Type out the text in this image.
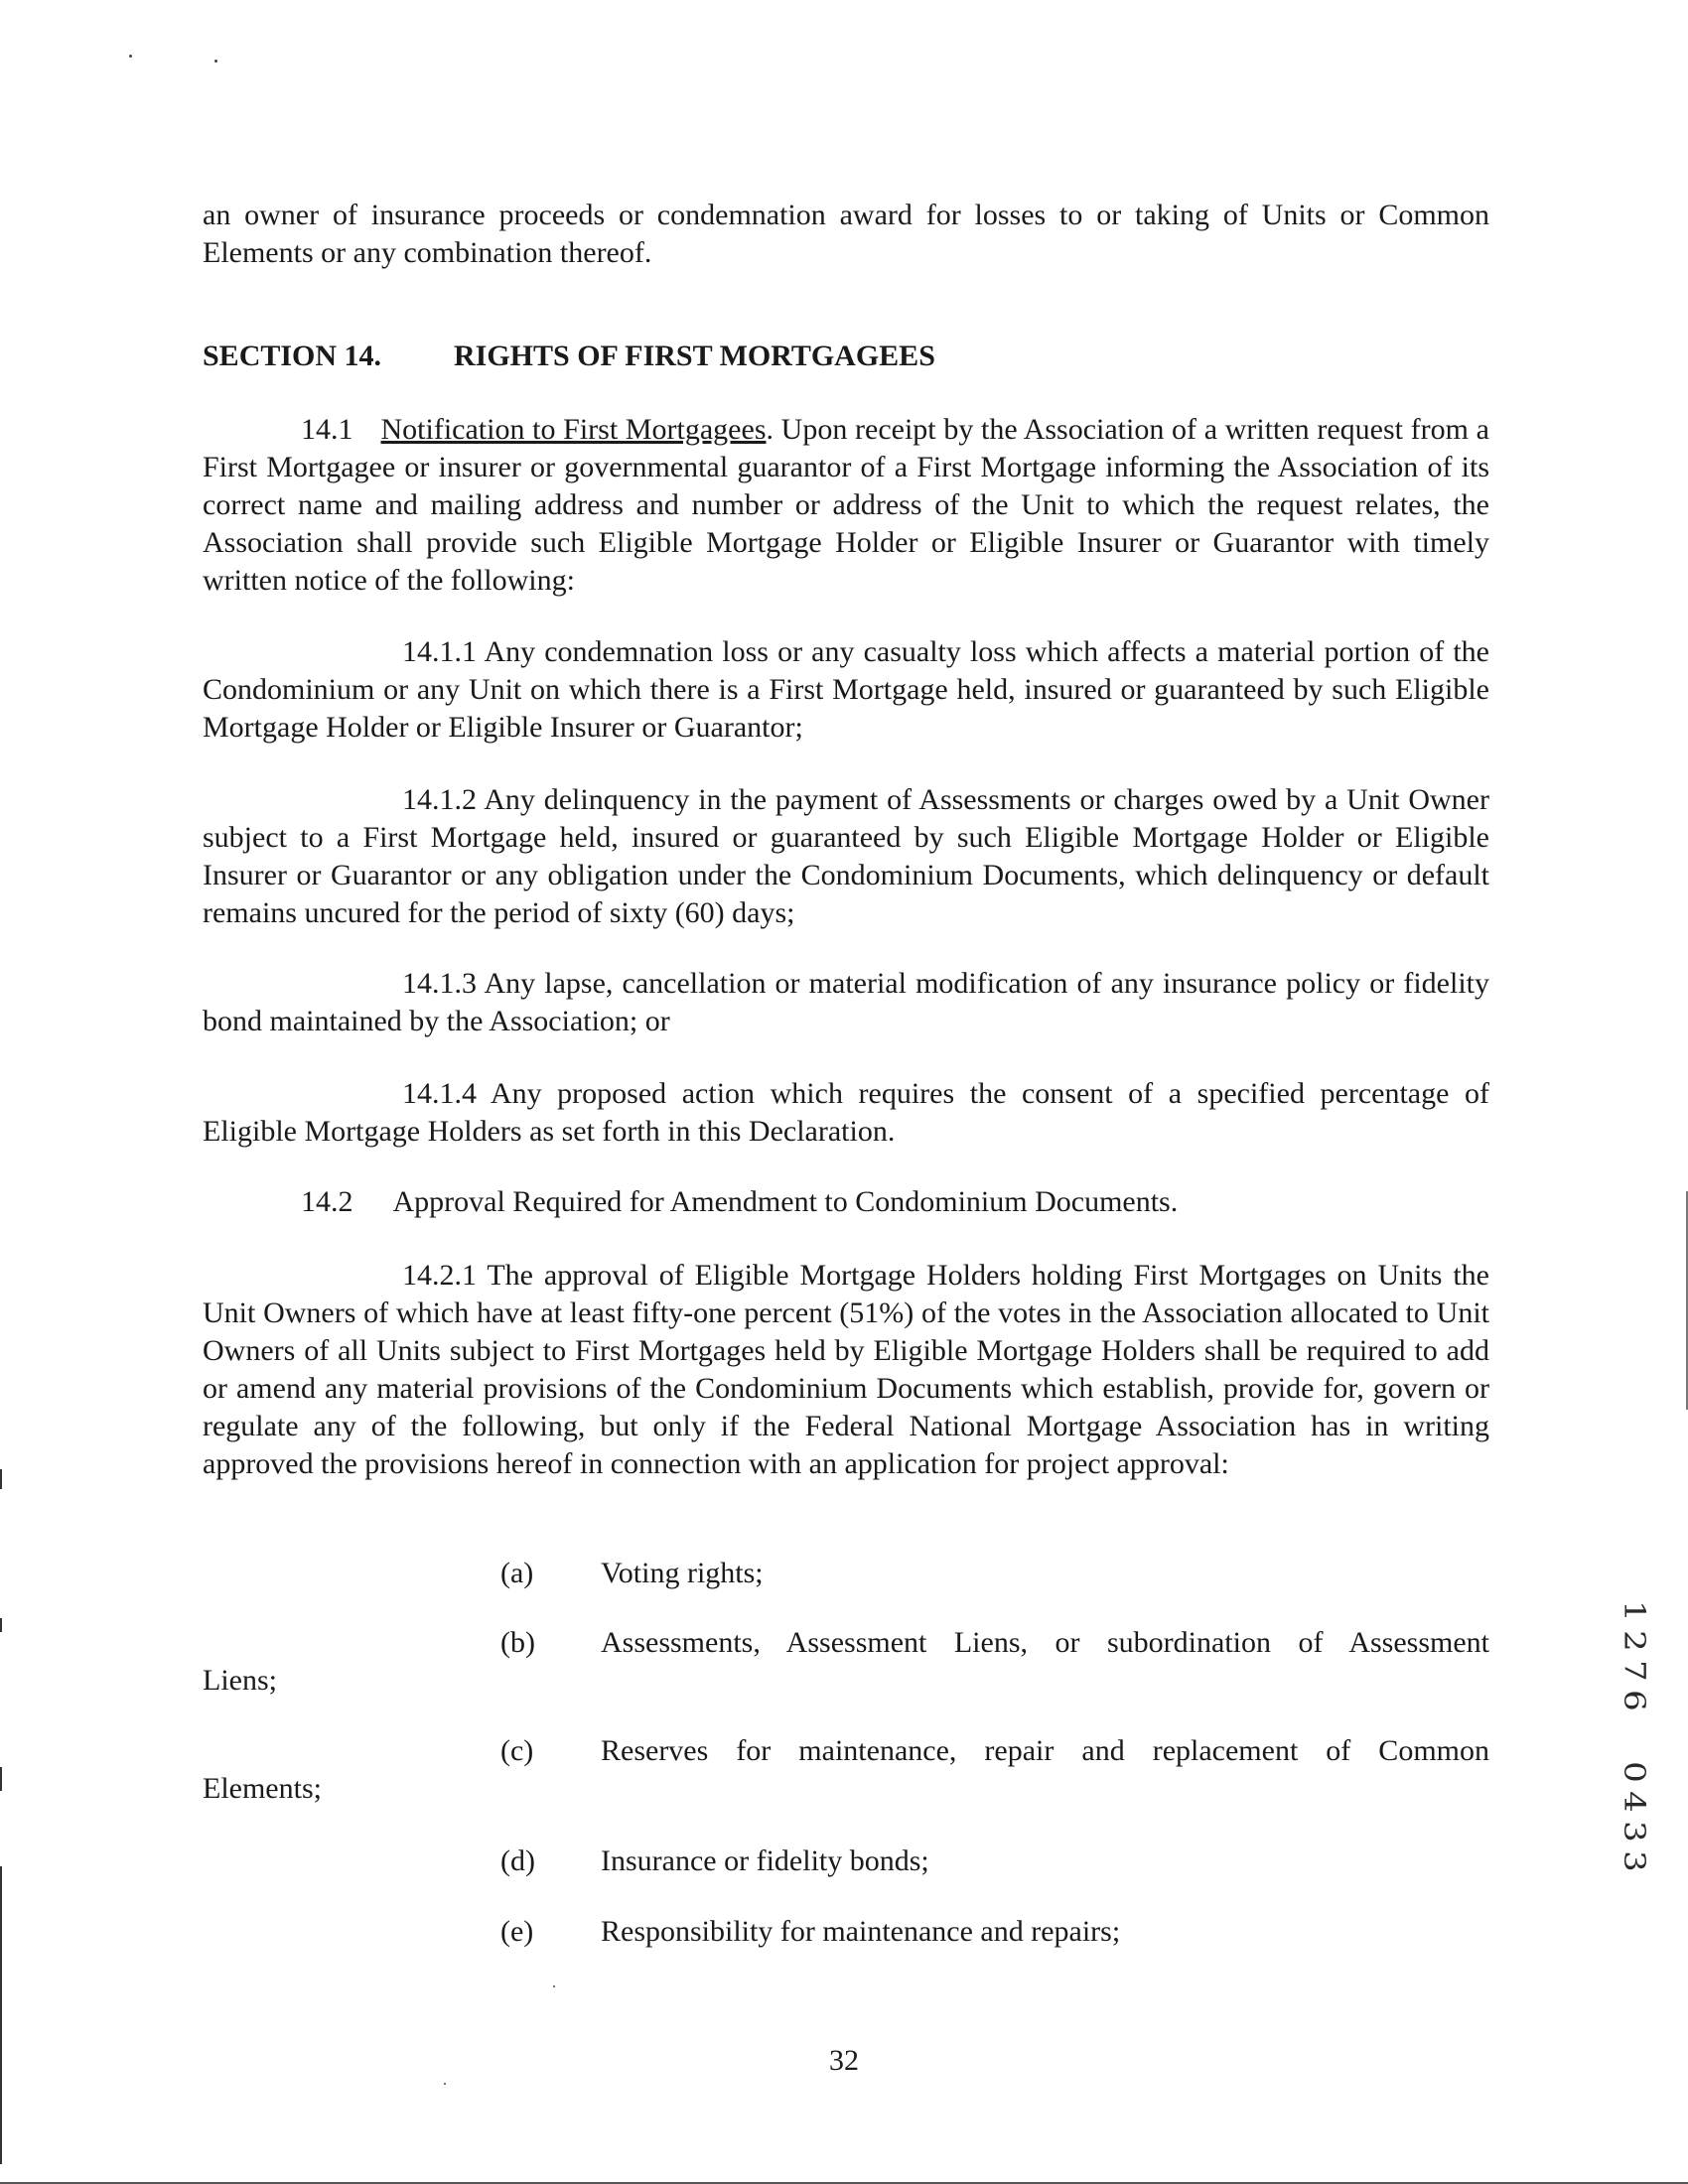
an owner of insurance proceeds or condemnation award for losses to or taking of Units or Common Elements or any combination thereof.

SECTION 14. RIGHTS OF FIRST MORTGAGEES

14.1 Notification to First Mortgagees. Upon receipt by the Association of a written request from a First Mortgagee or insurer or governmental guarantor of a First Mortgage informing the Association of its correct name and mailing address and number or address of the Unit to which the request relates, the Association shall provide such Eligible Mortgage Holder or Eligible Insurer or Guarantor with timely written notice of the following:

14.1.1 Any condemnation loss or any casualty loss which affects a material portion of the Condominium or any Unit on which there is a First Mortgage held, insured or guaranteed by such Eligible Mortgage Holder or Eligible Insurer or Guarantor;

14.1.2 Any delinquency in the payment of Assessments or charges owed by a Unit Owner subject to a First Mortgage held, insured or guaranteed by such Eligible Mortgage Holder or Eligible Insurer or Guarantor or any obligation under the Condominium Documents, which delinquency or default remains uncured for the period of sixty (60) days;

14.1.3 Any lapse, cancellation or material modification of any insurance policy or fidelity bond maintained by the Association; or

14.1.4 Any proposed action which requires the consent of a specified percentage of Eligible Mortgage Holders as set forth in this Declaration.

14.2 Approval Required for Amendment to Condominium Documents.

14.2.1 The approval of Eligible Mortgage Holders holding First Mortgages on Units the Unit Owners of which have at least fifty-one percent (51%) of the votes in the Association allocated to Unit Owners of all Units subject to First Mortgages held by Eligible Mortgage Holders shall be required to add or amend any material provisions of the Condominium Documents which establish, provide for, govern or regulate any of the following, but only if the Federal National Mortgage Association has in writing approved the provisions hereof in connection with an application for project approval:

(a) Voting rights;
(b) Assessments, Assessment Liens, or subordination of Assessment
Liens;
(c) Reserves for maintenance, repair and replacement of Common
Elements;
(d) Insurance or fidelity bonds;
(e) Responsibility for maintenance and repairs;
32
1
2
7
6
0
4
3
3
